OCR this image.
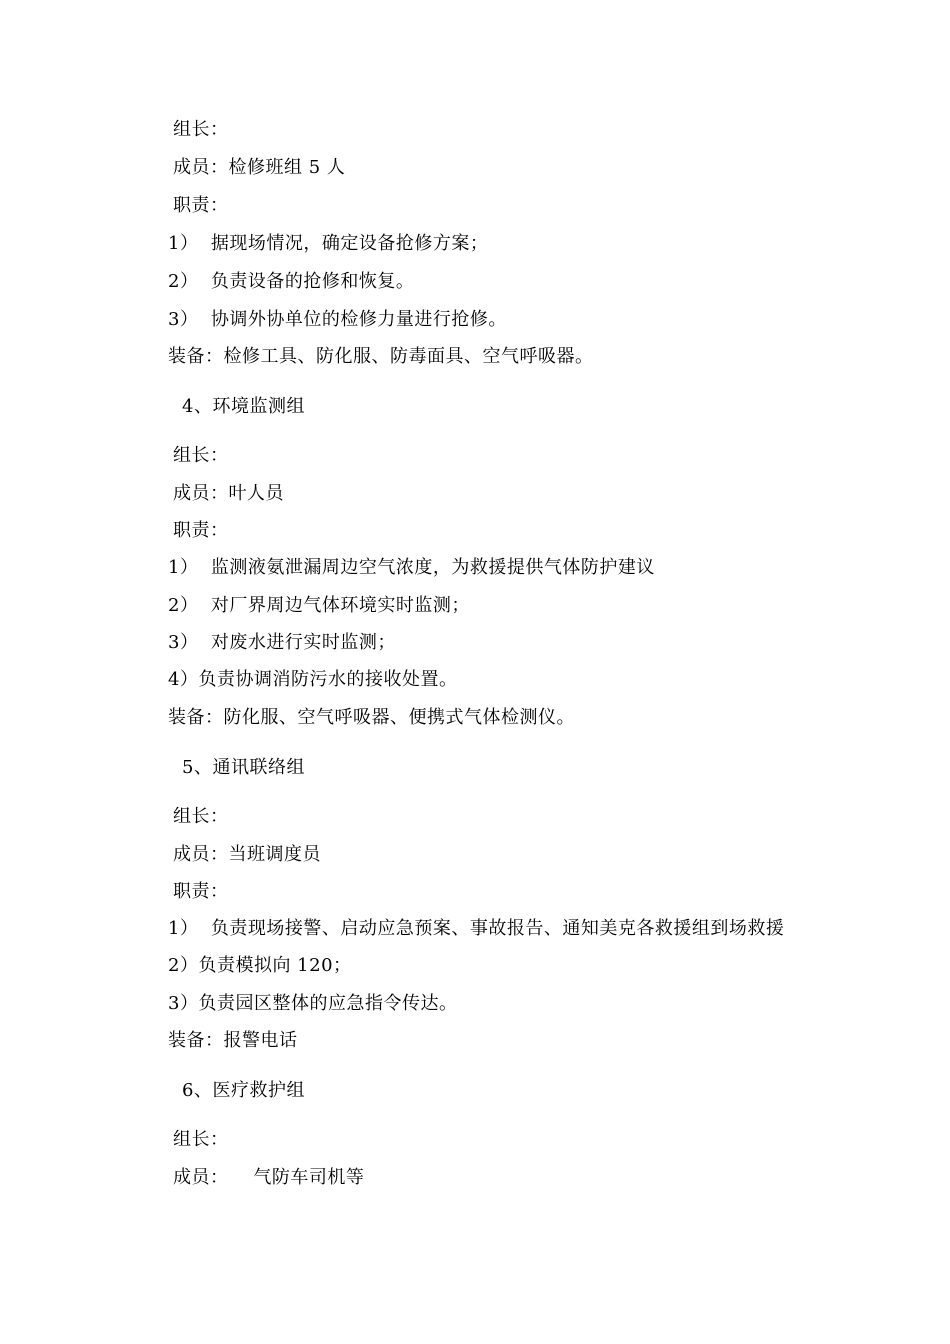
组长：
成员：检修班组 5 人
职责：
1）  据现场情况，确定设备抢修方案；
2）  负责设备的抢修和恢复。
3）  协调外协单位的检修力量进行抢修。
装备：检修工具、防化服、防毒面具、空气呼吸器。
4、环境监测组
组长：
成员：叶人员
职责：
1）  监测液氨泄漏周边空气浓度，为救援提供气体防护建议
2）  对厂界周边气体环境实时监测；
3）  对废水进行实时监测；
4）负责协调消防污水的接收处置。
装备：防化服、空气呼吸器、便携式气体检测仪。
5、通讯联络组
组长：
成员：当班调度员
职责：
1）  负责现场接警、启动应急预案、事故报告、通知美克各救援组到场救援
2）负责模拟向 120；
3）负责园区整体的应急指令传达。
装备：报警电话
6、医疗救护组
组长：
成员：    气防车司机等
